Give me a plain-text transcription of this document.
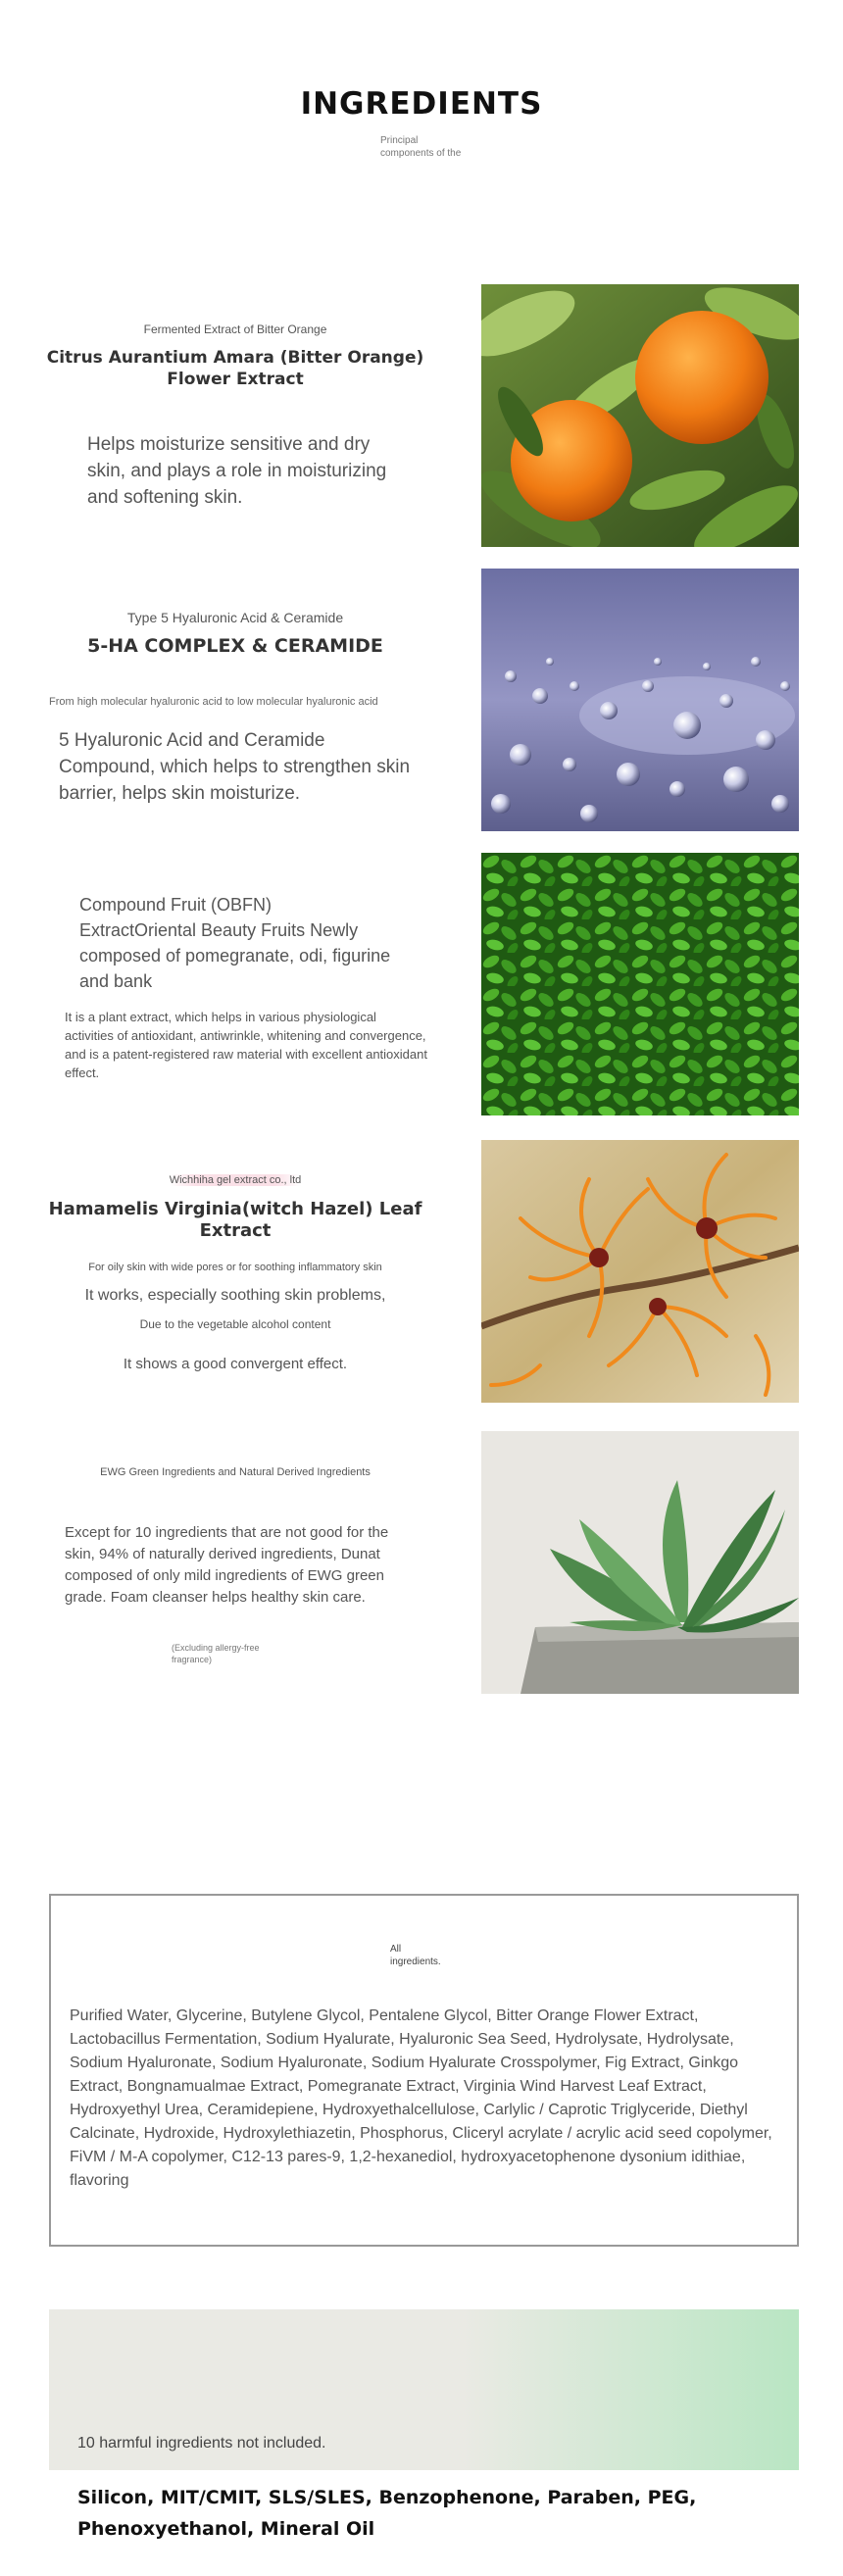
INGREDIENTS
Principal components of the
Fermented Extract of Bitter Orange
Citrus Aurantium Amara (Bitter Orange) Flower Extract
Helps moisturize sensitive and dry skin, and plays a role in moisturizing and softening skin.
Type 5 Hyaluronic Acid & Ceramide
5-HA COMPLEX & CERAMIDE
From high molecular hyaluronic acid to low molecular hyaluronic acid
5 Hyaluronic Acid and Ceramide Compound, which helps to strengthen skin barrier, helps skin moisturize.
Compound Fruit (OBFN) ExtractOriental Beauty Fruits Newly composed of pomegranate, odi, figurine and bank
It is a plant extract, which helps in various physiological activities of antioxidant, antiwrinkle, whitening and convergence, and is a patent-registered raw material with excellent antioxidant effect.
Wichhiha gel extract co., ltd
Hamamelis Virginia(witch Hazel) Leaf Extract
For oily skin with wide pores or for soothing inflammatory skin
It works, especially soothing skin problems,
Due to the vegetable alcohol content
It shows a good convergent effect.
EWG Green Ingredients and Natural Derived Ingredients
Except for 10 ingredients that are not good for the skin, 94% of naturally derived ingredients, Dunat composed of only mild ingredients of EWG green grade. Foam cleanser helps healthy skin care.
(Excluding allergy-free fragrance)
All ingredients.
Purified Water, Glycerine, Butylene Glycol, Pentalene Glycol, Bitter Orange Flower Extract, Lactobacillus Fermentation, Sodium Hyalurate, Hyaluronic Sea Seed, Hydrolysate, Hydrolysate, Sodium Hyaluronate, Sodium Hyaluronate, Sodium Hyalurate Crosspolymer, Fig Extract, Ginkgo Extract, Bongnamualmae Extract, Pomegranate Extract, Virginia Wind Harvest Leaf Extract, Hydroxyethyl Urea, Ceramidepiene, Hydroxyethalcellulose, Carlylic / Caprotic Triglyceride, Diethyl Calcinate, Hydroxide, Hydroxylethiazetin, Phosphorus, Cliceryl acrylate / acrylic acid seed copolymer, FiVM / M-A copolymer, C12-13 pares-9, 1,2-hexanediol, hydroxyacetophenone dysonium idithiae, flavoring
10 harmful ingredients not included.
Silicon, MIT/CMIT, SLS/SLES, Benzophenone, Paraben, PEG, Phenoxyethanol, Mineral Oil
